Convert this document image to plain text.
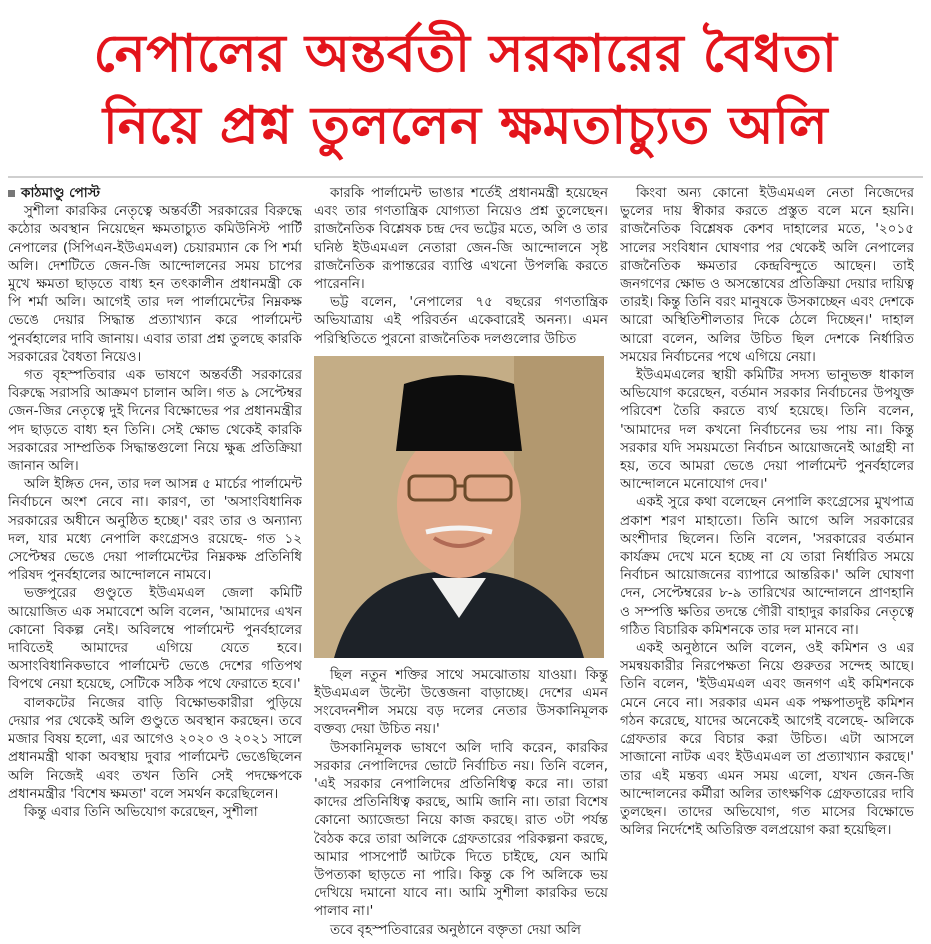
নেপালের অন্তর্বতী সরকারের বৈধতা
নিয়ে প্রশ্ন তুললেন ক্ষমতাচ্যুত অলি

কাঠমাণ্ডু পোস্ট

সুশীলা কারকির নেতৃত্বে অন্তর্বর্তী সরকারের বিরুদ্ধে কঠোর অবস্থান নিয়েছেন ক্ষমতাচ্যুত কমিউনিস্ট পার্টি নেপালের (সিপিএন-ইউএমএল) চেয়ারম্যান কে পি শর্মা অলি। দেশটিতে জেন-জি আন্দোলনের সময় চাপের মুখে ক্ষমতা ছাড়তে বাধ্য হন তৎকালীন প্রধানমন্ত্রী কে পি শর্মা অলি। আগেই তার দল পার্লামেন্টের নিম্নকক্ষ ভেঙে দেয়ার সিদ্ধান্ত প্রত্যাখ্যান করে পার্লামেন্ট পুনর্বহালের দাবি জানায়। এবার তারা প্রশ্ন তুলছে কারকি সরকারের বৈধতা নিয়েও।

গত বৃহস্পতিবার এক ভাষণে অন্তর্বর্তী সরকারের বিরুদ্ধে সরাসরি আক্রমণ চালান অলি। গত ৯ সেপ্টেম্বর জেন-জির নেতৃত্বে দুই দিনের বিক্ষোভের পর প্রধানমন্ত্রীর পদ ছাড়তে বাধ্য হন তিনি। সেই ক্ষোভ থেকেই কারকি সরকারের সাম্প্রতিক সিদ্ধান্তগুলো নিয়ে ক্ষুব্ধ প্রতিক্রিয়া জানান অলি।

অলি ইঙ্গিত দেন, তার দল আসন্ন ৫ মার্চের পার্লামেন্ট নির্বাচনে অংশ নেবে না। কারণ, তা 'অসাংবিধানিক সরকারের অধীনে অনুষ্ঠিত হচ্ছে।' বরং তার ও অন্যান্য দল, যার মধ্যে নেপালি কংগ্রেসও রয়েছে- গত ১২ সেপ্টেম্বর ভেঙে দেয়া পার্লামেন্টের নিম্নকক্ষ প্রতিনিধি পরিষদ পুনর্বহালের আন্দোলনে নামবে।

ভক্তপুরের গুণ্ডুতে ইউএমএল জেলা কমিটি আয়োজিত এক সমাবেশে অলি বলেন, 'আমাদের এখন কোনো বিকল্প নেই। অবিলম্বে পার্লামেন্ট পুনর্বহালের দাবিতেই আমাদের এগিয়ে যেতে হবে। অসাংবিধানিকভাবে পার্লামেন্ট ভেঙে দেশের গতিপথ বিপথে নেয়া হয়েছে, সেটিকে সঠিক পথে ফেরাতে হবে।'

বালকটের নিজের বাড়ি বিক্ষোভকারীরা পুড়িয়ে দেয়ার পর থেকেই অলি গুণ্ডুতে অবস্থান করছেন। তবে মজার বিষয় হলো, এর আগেও ২০২০ ও ২০২১ সালে প্রধানমন্ত্রী থাকা অবস্থায় দুবার পার্লামেন্ট ভেঙেছিলেন অলি নিজেই এবং তখন তিনি সেই পদক্ষেপকে প্রধানমন্ত্রীর 'বিশেষ ক্ষমতা' বলে সমর্থন করেছিলেন।

কিন্তু এবার তিনি অভিযোগ করেছেন, সুশীলা

কারকি পার্লামেন্ট ভাঙার শর্তেই প্রধানমন্ত্রী হয়েছেন এবং তার গণতান্ত্রিক যোগ্যতা নিয়েও প্রশ্ন তুলেছেন। রাজনৈতিক বিশ্লেষক চন্দ্র দেব ভট্টের মতে, অলি ও তার ঘনিষ্ঠ ইউএমএল নেতারা জেন-জি আন্দোলনে সৃষ্ট রাজনৈতিক রূপান্তরের ব্যাপ্তি এখনো উপলব্ধি করতে পারেননি।

ভট্ট বলেন, 'নেপালের ৭৫ বছরের গণতান্ত্রিক অভিযাত্রায় এই পরিবর্তন একেবারেই অনন্য। এমন পরিস্থিতিতে পুরনো রাজনৈতিক দলগুলোর উচিত

ছিল নতুন শক্তির সাথে সমঝোতায় যাওয়া। কিন্তু ইউএমএল উল্টো উত্তেজনা বাড়াচ্ছে। দেশের এমন সংবেদনশীল সময়ে বড় দলের নেতার উসকানিমূলক বক্তব্য দেয়া উচিত নয়।'

উসকানিমূলক ভাষণে অলি দাবি করেন, কারকির সরকার নেপালিদের ভোটে নির্বাচিত নয়। তিনি বলেন, 'এই সরকার নেপালিদের প্রতিনিধিত্ব করে না। তারা কাদের প্রতিনিধিত্ব করছে, আমি জানি না। তারা বিশেষ কোনো অ্যাজেন্ডা নিয়ে কাজ করছে। রাত ৩টা পর্যন্ত বৈঠক করে তারা অলিকে গ্রেফতারের পরিকল্পনা করছে, আমার পাসপোর্ট আটকে দিতে চাইছে, যেন আমি উপত্যকা ছাড়তে না পারি। কিন্তু কে পি অলিকে ভয় দেখিয়ে দমানো যাবে না। আমি সুশীলা কারকির ভয়ে পালাব না।'

তবে বৃহস্পতিবারের অনুষ্ঠানে বক্তৃতা দেয়া অলি

কিংবা অন্য কোনো ইউএমএল নেতা নিজেদের ভুলের দায় স্বীকার করতে প্রস্তুত বলে মনে হয়নি। রাজনৈতিক বিশ্লেষক কেশব দাহালের মতে, '২০১৫ সালের সংবিধান ঘোষণার পর থেকেই অলি নেপালের রাজনৈতিক ক্ষমতার কেন্দ্রবিন্দুতে আছেন। তাই জনগণের ক্ষোভ ও অসন্তোষের প্রতিক্রিয়া দেয়ার দায়িত্ব তারই। কিন্তু তিনি বরং মানুষকে উসকাচ্ছেন এবং দেশকে আরো অস্থিতিশীলতার দিকে ঠেলে দিচ্ছেন।' দাহাল আরো বলেন, অলির উচিত ছিল দেশকে নির্ধারিত সময়ের নির্বাচনের পথে এগিয়ে নেয়া।

ইউএমএলের স্থায়ী কমিটির সদস্য ভানুভক্ত ধাকাল অভিযোগ করেছেন, বর্তমান সরকার নির্বাচনের উপযুক্ত পরিবেশ তৈরি করতে ব্যর্থ হয়েছে। তিনি বলেন, 'আমাদের দল কখনো নির্বাচনের ভয় পায় না। কিন্তু সরকার যদি সময়মতো নির্বাচন আয়োজনেই আগ্রহী না হয়, তবে আমরা ভেঙে দেয়া পার্লামেন্ট পুনর্বহালের আন্দোলনে মনোযোগ দেব।'

একই সুরে কথা বলেছেন নেপালি কংগ্রেসের মুখপাত্র প্রকাশ শরণ মাহাতো। তিনি আগে অলি সরকারের অংশীদার ছিলেন। তিনি বলেন, 'সরকারের বর্তমান কার্যক্রম দেখে মনে হচ্ছে না যে তারা নির্ধারিত সময়ে নির্বাচন আয়োজনের ব্যাপারে আন্তরিক।' অলি ঘোষণা দেন, সেপ্টেম্বরের ৮-৯ তারিখের আন্দোলনে প্রাণহানি ও সম্পত্তি ক্ষতির তদন্তে গৌরী বাহাদুর কারকির নেতৃত্বে গঠিত বিচারিক কমিশনকে তার দল মানবে না।

একই অনুষ্ঠানে অলি বলেন, ওই কমিশন ও এর সমন্বয়কারীর নিরপেক্ষতা নিয়ে গুরুতর সন্দেহ আছে। তিনি বলেন, 'ইউএমএল এবং জনগণ এই কমিশনকে মেনে নেবে না। সরকার এমন এক পক্ষপাতদুষ্ট কমিশন গঠন করেছে, যাদের অনেকেই আগেই বলেছে- অলিকে গ্রেফতার করে বিচার করা উচিত। এটা আসলে সাজানো নাটক এবং ইউএমএল তা প্রত্যাখ্যান করছে।' তার এই মন্তব্য এমন সময় এলো, যখন জেন-জি আন্দোলনের কর্মীরা অলির তাৎক্ষণিক গ্রেফতারের দাবি তুলছেন। তাদের অভিযোগ, গত মাসের বিক্ষোভে অলির নির্দেশেই অতিরিক্ত বলপ্রয়োগ করা হয়েছিল।
